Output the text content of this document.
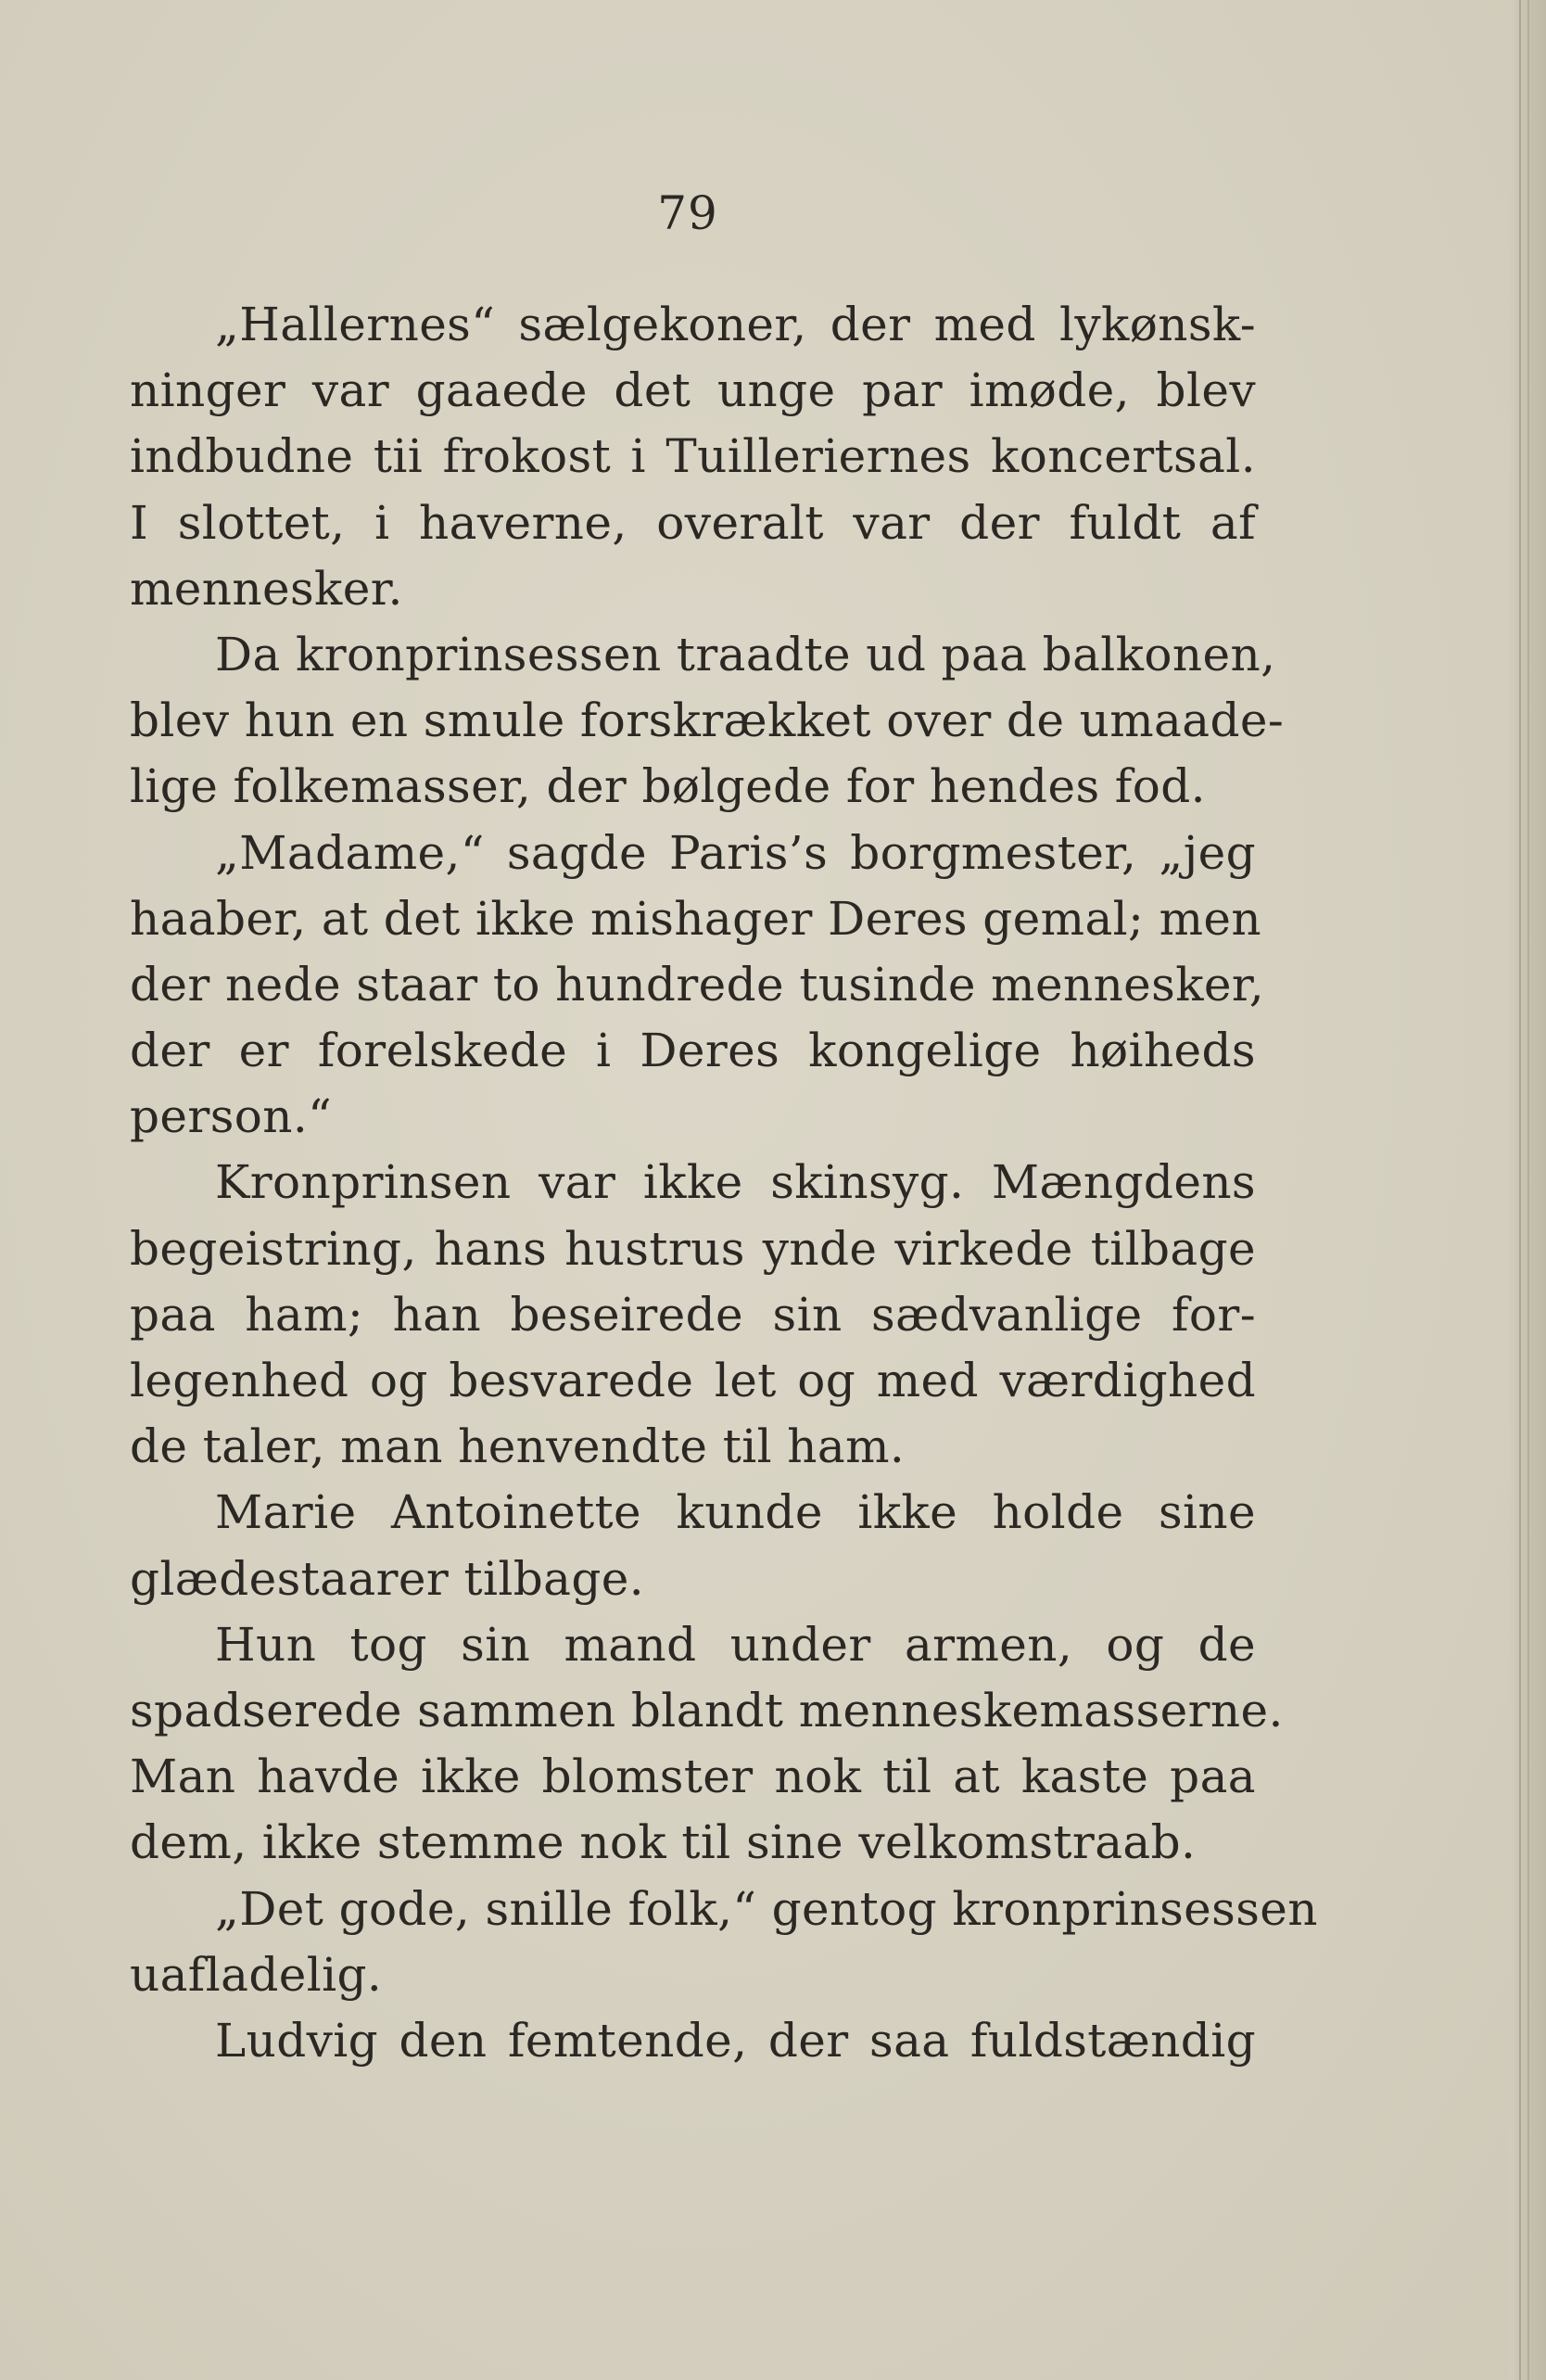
79
„Hallernes“ sælgekoner, der med lykønsk-
ninger var gaaede det unge par imøde, blev
indbudne tii frokost i Tuilleriernes koncertsal.
I slottet, i haverne, overalt var der fuldt af
mennesker.
Da kronprinsessen traadte ud paa balkonen,
blev hun en smule forskrækket over de umaade-
lige folkemasser, der bølgede for hendes fod.
„Madame,“ sagde Paris’s borgmester, „jeg
haaber, at det ikke mishager Deres gemal; men
der nede staar to hundrede tusinde mennesker,
der er forelskede i Deres kongelige høiheds
person.“
Kronprinsen var ikke skinsyg. Mængdens
begeistring, hans hustrus ynde virkede tilbage
paa ham; han beseirede sin sædvanlige for-
legenhed og besvarede let og med værdighed
de taler, man henvendte til ham.
Marie Antoinette kunde ikke holde sine
glædestaarer tilbage.
Hun tog sin mand under armen, og de
spadserede sammen blandt menneskemasserne.
Man havde ikke blomster nok til at kaste paa
dem, ikke stemme nok til sine velkomstraab.
„Det gode, snille folk,“ gentog kronprinsessen
uafladelig.
Ludvig den femtende, der saa fuldstændig
